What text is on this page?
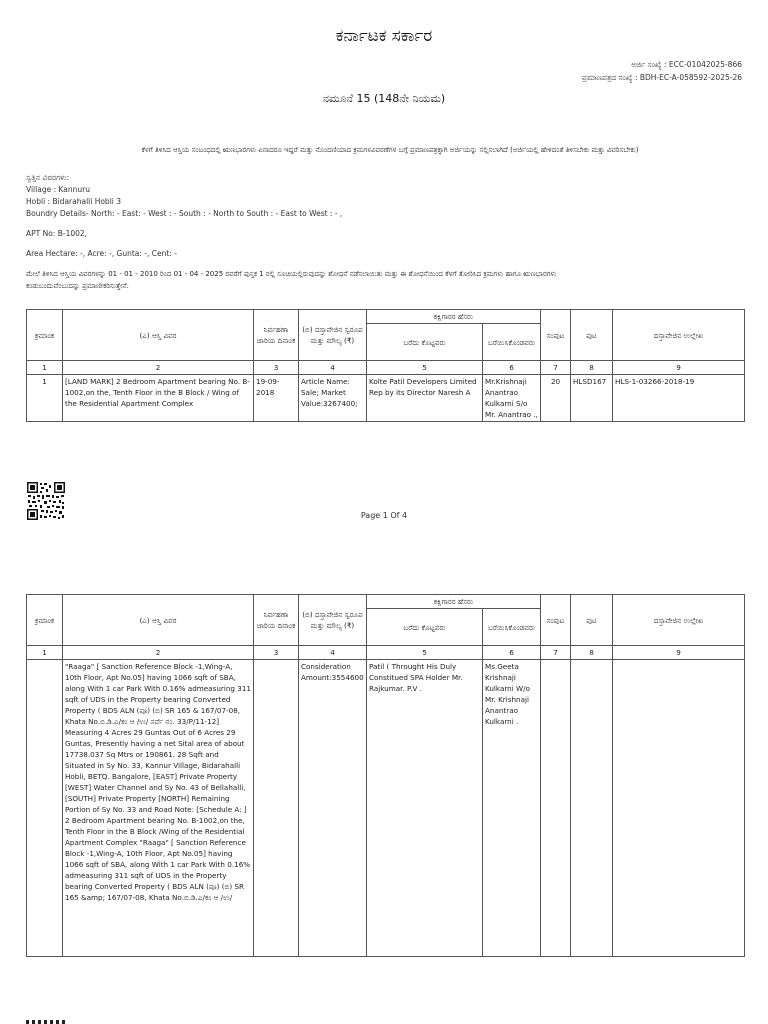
ಕರ್ನಾಟಕ ಸರ್ಕಾರ
ಅರ್ಜಿ ಸಂಖ್ಯೆ : ECC-01042025-866
ಪ್ರಮಾಣಪತ್ರದ ಸಂಖ್ಯೆ : BDH-EC-A-058592-2025-26
ನಮೂನೆ 15 (148ನೇ ನಿಯಮ)
ಕೆಳಗೆ ತಿಳಿಸಿದ ಆಸ್ತಿಯ ಸಂಬಂಧದಲ್ಲಿ ಋಣಭಾರಗಳು ಏನಾದರೂ ಇದ್ದರೆ ಮತ್ತು ನೊಂದಣಿಯಾದ ಕ್ರಮಗಳವಿವರಣೆಗಳ ಬಗ್ಗೆ ಪ್ರಮಾಣಪತ್ರಕ್ಕಾಗಿ ಅರ್ಜಿಯನ್ನು ಸಲ್ಲಿಸಲಾಗಿದೆ (ಅರ್ಜಿಯಲ್ಲಿ ಹೇಳಿದಂತೆ ತಿಳಿಸಬೇಕು ಮತ್ತು ವಿವರಿಸಬೇಕು)
ಸ್ವತ್ತಿನ ವಿವರಗಳು:
Village : Kannuru
Hobli : Bidarahalli Hobli 3
Boundry Details- North: - East: - West : - South : - North to South : - East to West : - ,
APT No: B-1002,
Area Hectare: -, Acre: -, Gunta: -, Cent: -
ಮೇಲೆ ತಿಳಿಸಿದ ಆಸ್ತಿಯ ವಿವರಗಳನ್ನು 01 - 01 - 2010 ರಿಂದ 01 - 04 - 2025 ರವರೆಗೆ ಪುಸ್ತಕ 1 ರಲ್ಲಿ ಸೂಚಿಯಲ್ಲಿರುವುದನ್ನು ಶೋಧನೆ ನಡೆಸಲಾಯಿತು ಮತ್ತು ಈ ಶೋಧನೆಯಿಂದ ಕೆಳಗೆ ತೋರಿಸಿದ ಕ್ರಮಗಳು ಹಾಗೂ ಋಣಭಾರಗಳು
ಕಂಡುಬಂದುವೆಂಬುದನ್ನು ಪ್ರಮಾಣೀಕರಿಸುತ್ತೇನೆ.
ಕ್ರಮಾಂಕ	(ಎ) ಆಸ್ತಿ ವಿವರ	ನಿರ್ವಹಣಾ ಜಾರಿಯ ದಿನಾಂಕ	(ಬಿ) ದಸ್ತಾವೇಜಿನ ಸ್ವರೂಪ ಮತ್ತು ಮೌಲ್ಯ (₹)	ಕಕ್ಷಿಗಾರರ ಹೆಸರು		ಸಂಪುಟ	ಪುಟ	ದಸ್ತಾವೇಜಿನ ಉಲ್ಲೇಖ
				ಬರೆದು ಕೊಟ್ಟವರು	ಬರೆಯಿಸಿಕೊಂಡವರು			
1	2	3	4	5	6	7	8	9
1	[LAND MARK] 2 Bedroom Apartment bearing No. B-1002,on the, Tenth Floor in the B Block / Wing of the Residential Apartment Complex	19-09-2018	Article Name: Sale; Market Value:3267400;	Kolte Patil Developers Limited Rep by its Director Naresh A	Mr.Krishnaji Anantrao Kulkarni S/o Mr. Anantrao .,	20	HLSD167	HLS-1-03266-2018-19
Page 1 Of 4
ಕ್ರಮಾಂಕ	(ಎ) ಆಸ್ತಿ ವಿವರ	ನಿರ್ವಹಣಾ ಜಾರಿಯ ದಿನಾಂಕ	(ಬಿ) ದಸ್ತಾವೇಜಿನ ಸ್ವರೂಪ ಮತ್ತು ಮೌಲ್ಯ (₹)	ಕಕ್ಷಿಗಾರರ ಹೆಸರು		ಸಂಪುಟ	ಪುಟ	ದಸ್ತಾವೇಜಿನ ಉಲ್ಲೇಖ
				ಬರೆದು ಕೊಟ್ಟವರು	ಬರೆಯಿಸಿಕೊಂಡವರು			
1	2	3	4	5	6	7	8	9
	"Raaga" [ Sanction Reference Block -1,Wing-A, 10th Floor, Apt No.05] having 1066 sqft of SBA, along With 1 car Park With 0.16% admeasuring 311 sqft of UDS in the Property bearing Converted Property ( BDS ALN (ಪೂ) (ಬಿ) SR 165 & 167/07-08, Khata No.ಬಿ.ಡಿ.ಎ/ಕಂ ಆ /ಉ/ ಸರ್ವೆ ನಂ. 33/P/11-12] Measuring 4 Acres 29 Guntas Out of 6 Acres 29 Guntas, Presently having a net Sital area of about 17738.037 Sq Mtrs or 190861. 28 Sqft and Situated in Sy No. 33, Kannur Village, Bidarahalli Hobli, BETQ. Bangalore, [EAST] Private Property [WEST] Water Channel and Sy No. 43 of Bellahalli, [SOUTH] Private Property [NORTH] Remaining Portion of Sy No. 33 and Road Note: [Schedule A: ] 2 Bedroom Apartment bearing No. B-1002,on the, Tenth Floor in the B Block /Wing of the Residential Apartment Complex "Raaga" [ Sanction Reference Block -1,Wing-A, 10th Floor, Apt No.05] having 1066 sqft of SBA, along With 1 car Park With 0.16% admeasuring 311 sqft of UDS in the Property bearing Converted Property ( BDS ALN (ಪೂ) (ಬಿ) SR 165 &amp; 167/07-08, Khata No.ಬಿ.ಡಿ.ಎ/ಕಂ ಆ /ಉ/		Consideration Amount:3554600	Patil ( Throught His Duly Constitued SPA Holder Mr. Rajkumar. P.V .	Ms.Geeta Krishnaji Kulkarni W/o Mr. Krishnaji Anantrao Kulkarni .			
